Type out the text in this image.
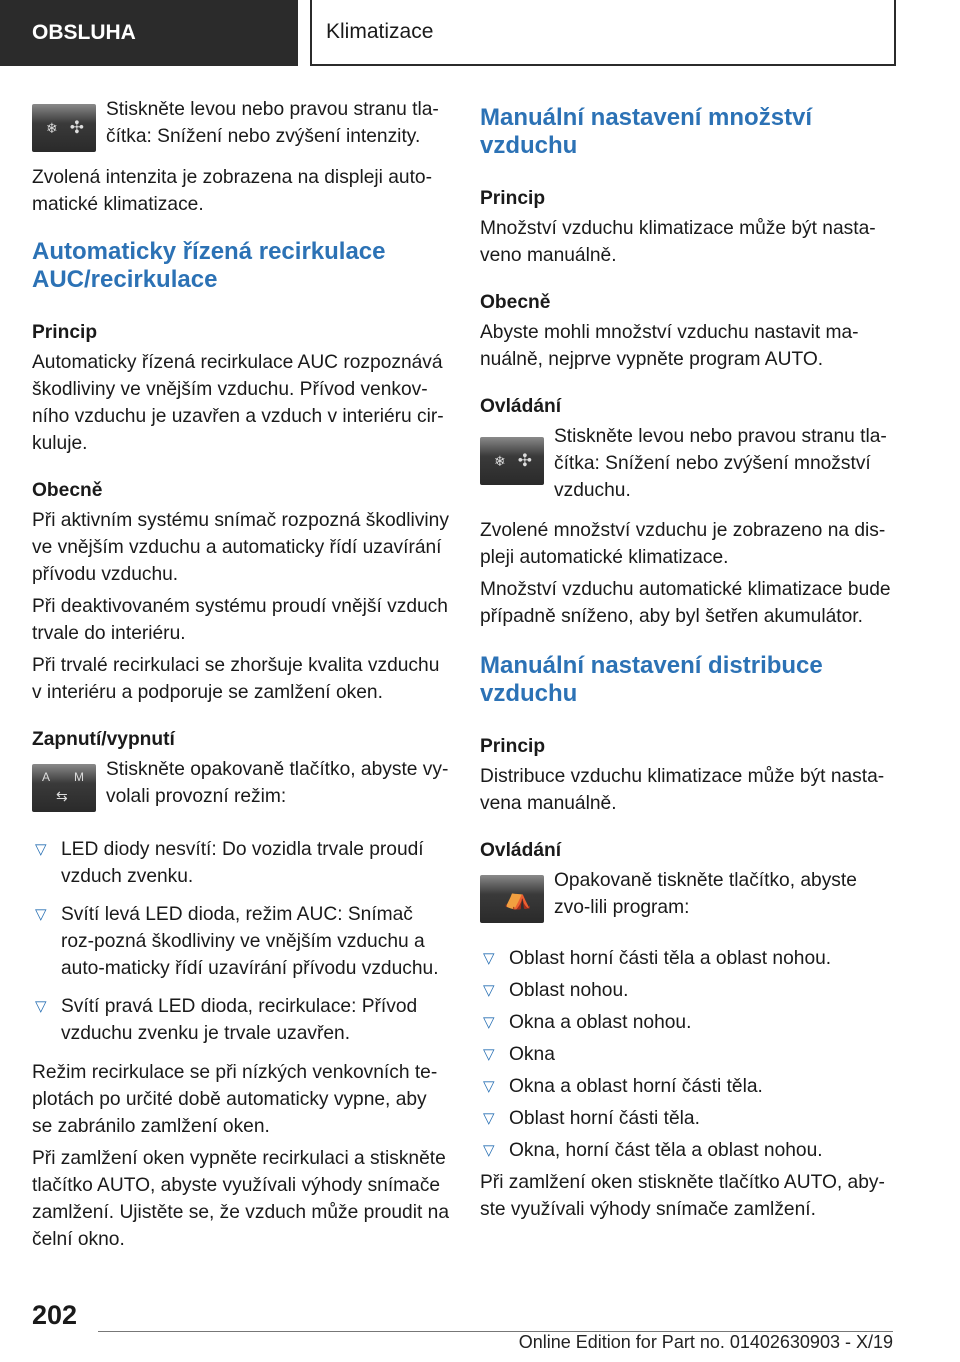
OBSLUHA	Klimatizace
❄ ✣
Stiskněte levou nebo pravou stranu tla-čítka: Snížení nebo zvýšení intenzity.

Zvolená intenzita je zobrazena na displeji auto-matické klimatizace.

Automaticky řízená recirkulace AUC/recirkulace
Princip

Automaticky řízená recirkulace AUC rozpoznává škodliviny ve vnějším vzduchu. Přívod venkov-ního vzduchu je uzavřen a vzduch v interiéru cir-kuluje.

Obecně

Při aktivním systému snímač rozpozná škodliviny ve vnějším vzduchu a automaticky řídí uzavírání přívodu vzduchu.

Při deaktivovaném systému proudí vnější vzduch trvale do interiéru.

Při trvalé recirkulaci se zhoršuje kvalita vzduchu v interiéru a podporuje se zamlžení oken.

Zapnutí/vypnutí
A M
⇆
Stiskněte opakovaně tlačítko, abyste vy-volali provozní režim:
▽ LED diody nesvítí: Do vozidla trvale proudí vzduch zvenku.
▽ Svítí levá LED dioda, režim AUC: Snímač roz-pozná škodliviny ve vnějším vzduchu a auto-maticky řídí uzavírání přívodu vzduchu.
▽ Svítí pravá LED dioda, recirkulace: Přívod vzduchu zvenku je trvale uzavřen.

Režim recirkulace se při nízkých venkovních te-plotách po určité době automaticky vypne, aby se zabránilo zamlžení oken.

Při zamlžení oken vypněte recirkulaci a stiskněte tlačítko AUTO, abyste využívali výhody snímače zamlžení. Ujistěte se, že vzduch může proudit na čelní okno.

Manuální nastavení množství vzduchu
Princip

Množství vzduchu klimatizace může být nasta-veno manuálně.

Obecně

Abyste mohli množství vzduchu nastavit ma-nuálně, nejprve vypněte program AUTO.

Ovládání
❄ ✣
Stiskněte levou nebo pravou stranu tla-čítka: Snížení nebo zvýšení množství vzduchu.

Zvolené množství vzduchu je zobrazeno na dis-pleji automatické klimatizace.

Množství vzduchu automatické klimatizace bude případně sníženo, aby byl šetřen akumulátor.

Manuální nastavení distribuce vzduchu
Princip

Distribuce vzduchu klimatizace může být nasta-vena manuálně.

Ovládání
⛺
Opakovaně tiskněte tlačítko, abyste zvo-lili program:
▽ Oblast horní části těla a oblast nohou.
▽ Oblast nohou.
▽ Okna a oblast nohou.
▽ Okna
▽ Okna a oblast horní části těla.
▽ Oblast horní části těla.
▽ Okna, horní část těla a oblast nohou.

Při zamlžení oken stiskněte tlačítko AUTO, aby-ste využívali výhody snímače zamlžení.

202
Online Edition for Part no. 01402630903 - X/19
